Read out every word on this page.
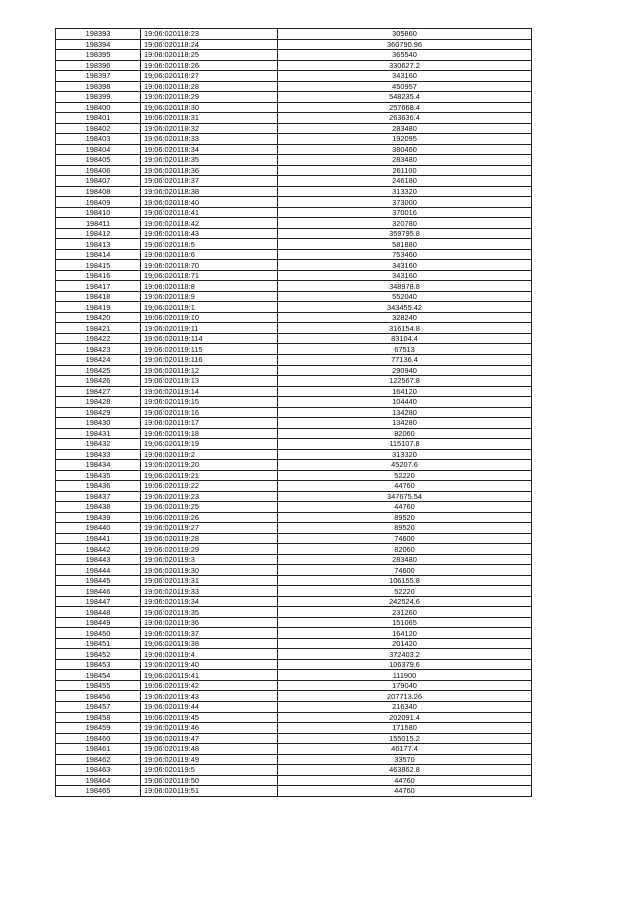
198393	19:06:020118:23	305860
198394	19:06:020118:24	360790.96
198395	19:06:020118:25	365540
198396	19:06:020118:26	330627.2
198397	19:06:020118:27	343160
198398	19:06:020118:28	450957
198399	19:06:020118:29	548235.4
198400	19:06:020118:30	257668.4
198401	19:06:020118:31	263636.4
198402	19:06:020118:32	283480
198403	19:06:020118:33	192095
198404	19:06:020118:34	380460
198405	19:06:020118:35	283480
198406	19:06:020118:36	261100
198407	19:06:020118:37	246180
198408	19:06:020118:38	313320
198409	19:06:020118:40	373000
198410	19:06:020118:41	370016
198411	19:06:020118:42	320780
198412	19:06:020118:43	359795.8
198413	19:06:020118:5	581880
198414	19:06:020118:6	753460
198415	19:06:020118:70	343160
198416	19:06:020118:71	343160
198417	19:06:020118:8	348978.8
198418	19:06:020118:9	552040
198419	19:06:020119:1	343455.42
198420	19:06:020119:10	328240
198421	19:06:020119:11	316154.8
198422	19:06:020119:114	83104.4
198423	19:06:020119:115	67513
198424	19:06:020119:116	77136.4
198425	19:06:020119:12	290940
198426	19:06:020119:13	122567.8
198427	19:06:020119:14	164120
198428	19:06:020119:15	104440
198429	19:06:020119:16	134280
198430	19:06:020119:17	134280
198431	19:06:020119:18	82060
198432	19:06:020119:19	115107.8
198433	19:06:020119:2	313320
198434	19:06:020119:20	45207.6
198435	19:06:020119:21	52220
198436	19:06:020119:22	44760
198437	19:06:020119:23	347675.54
198438	19:06:020119:25	44760
198439	19:06:020119:26	89520
198440	19:06:020119:27	89520
198441	19:06:020119:28	74600
198442	19:06:020119:29	82060
198443	19:06:020119:3	283480
198444	19:06:020119:30	74600
198445	19:06:020119:31	106155.8
198446	19:06:020119:33	52220
198447	19:06:020119:34	242524.6
198448	19:06:020119:35	231260
198449	19:06:020119:36	151065
198450	19:06:020119:37	164120
198451	19:06:020119:38	201420
198452	19:06:020119:4	372403.2
198453	19:06:020119:40	106379.6
198454	19:06:020119:41	111900
198455	19:06:020119:42	179040
198456	19:06:020119:43	207713.26
198457	19:06:020119:44	216340
198458	19:06:020119:45	202091.4
198459	19:06:020119:46	171580
198460	19:06:020119:47	155015.2
198461	19:06:020119:48	46177.4
198462	19:06:020119:49	33570
198463	19:06:020119:5	463862.8
198464	19:06:020119:50	44760
198465	19:06:020119:51	44760
